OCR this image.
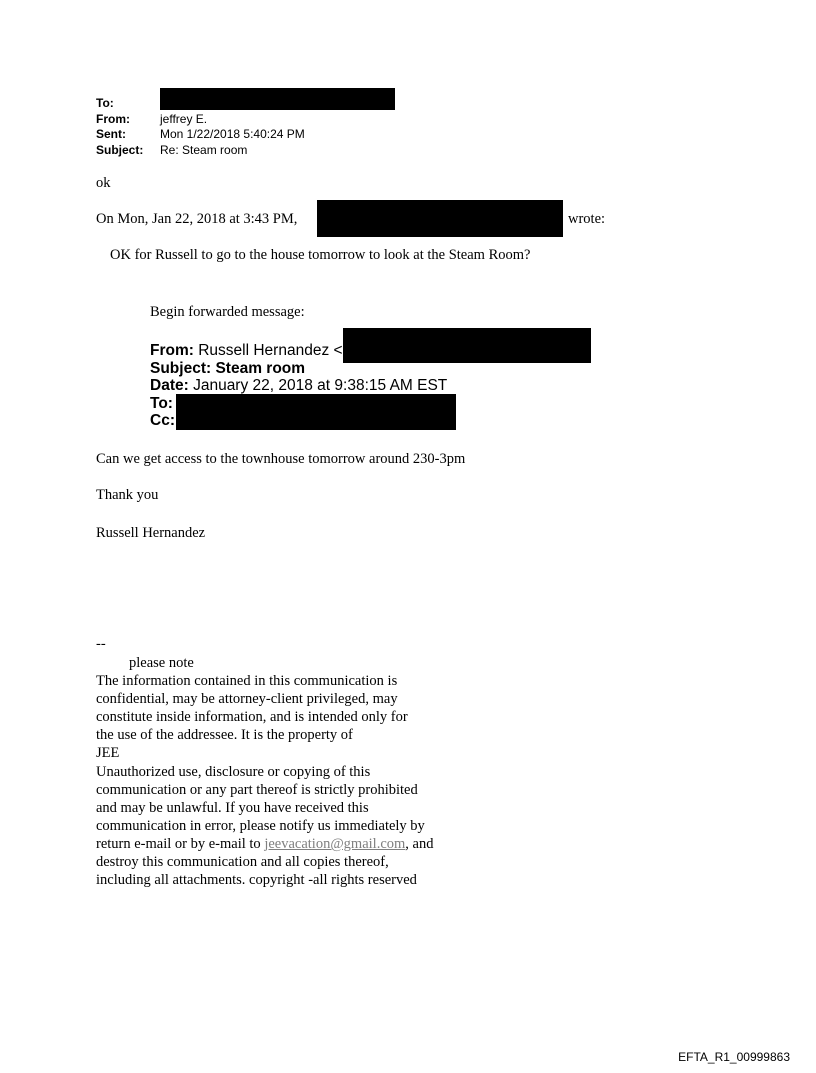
To:
From:	jeffrey E.
Sent:	Mon 1/22/2018 5:40:24 PM
Subject:	Re: Steam room
ok
On Mon, Jan 22, 2018 at 3:43 PM,	wrote:
OK for Russell to go to the house tomorrow to look at the Steam Room?
Begin forwarded message:
From:
Russell Hernandez <
Subject:
Steam room
Date:
January 22, 2018 at 9:38:15 AM EST
To:
Cc:
Can we get access to the townhouse tomorrow around 230-3pm
Thank you
Russell Hernandez
--
please note
The information contained in this communication is
confidential, may be attorney-client privileged, may
constitute inside information, and is intended only for
the use of the addressee. It is the property of
JEE
Unauthorized use, disclosure or copying of this
communication or any part thereof is strictly prohibited
and may be unlawful. If you have received this
communication in error, please notify us immediately by
return e-mail or by e-mail to jeevacation@gmail.com, and
destroy this communication and all copies thereof,
including all attachments. copyright -all rights reserved
EFTA_R1_00999863
